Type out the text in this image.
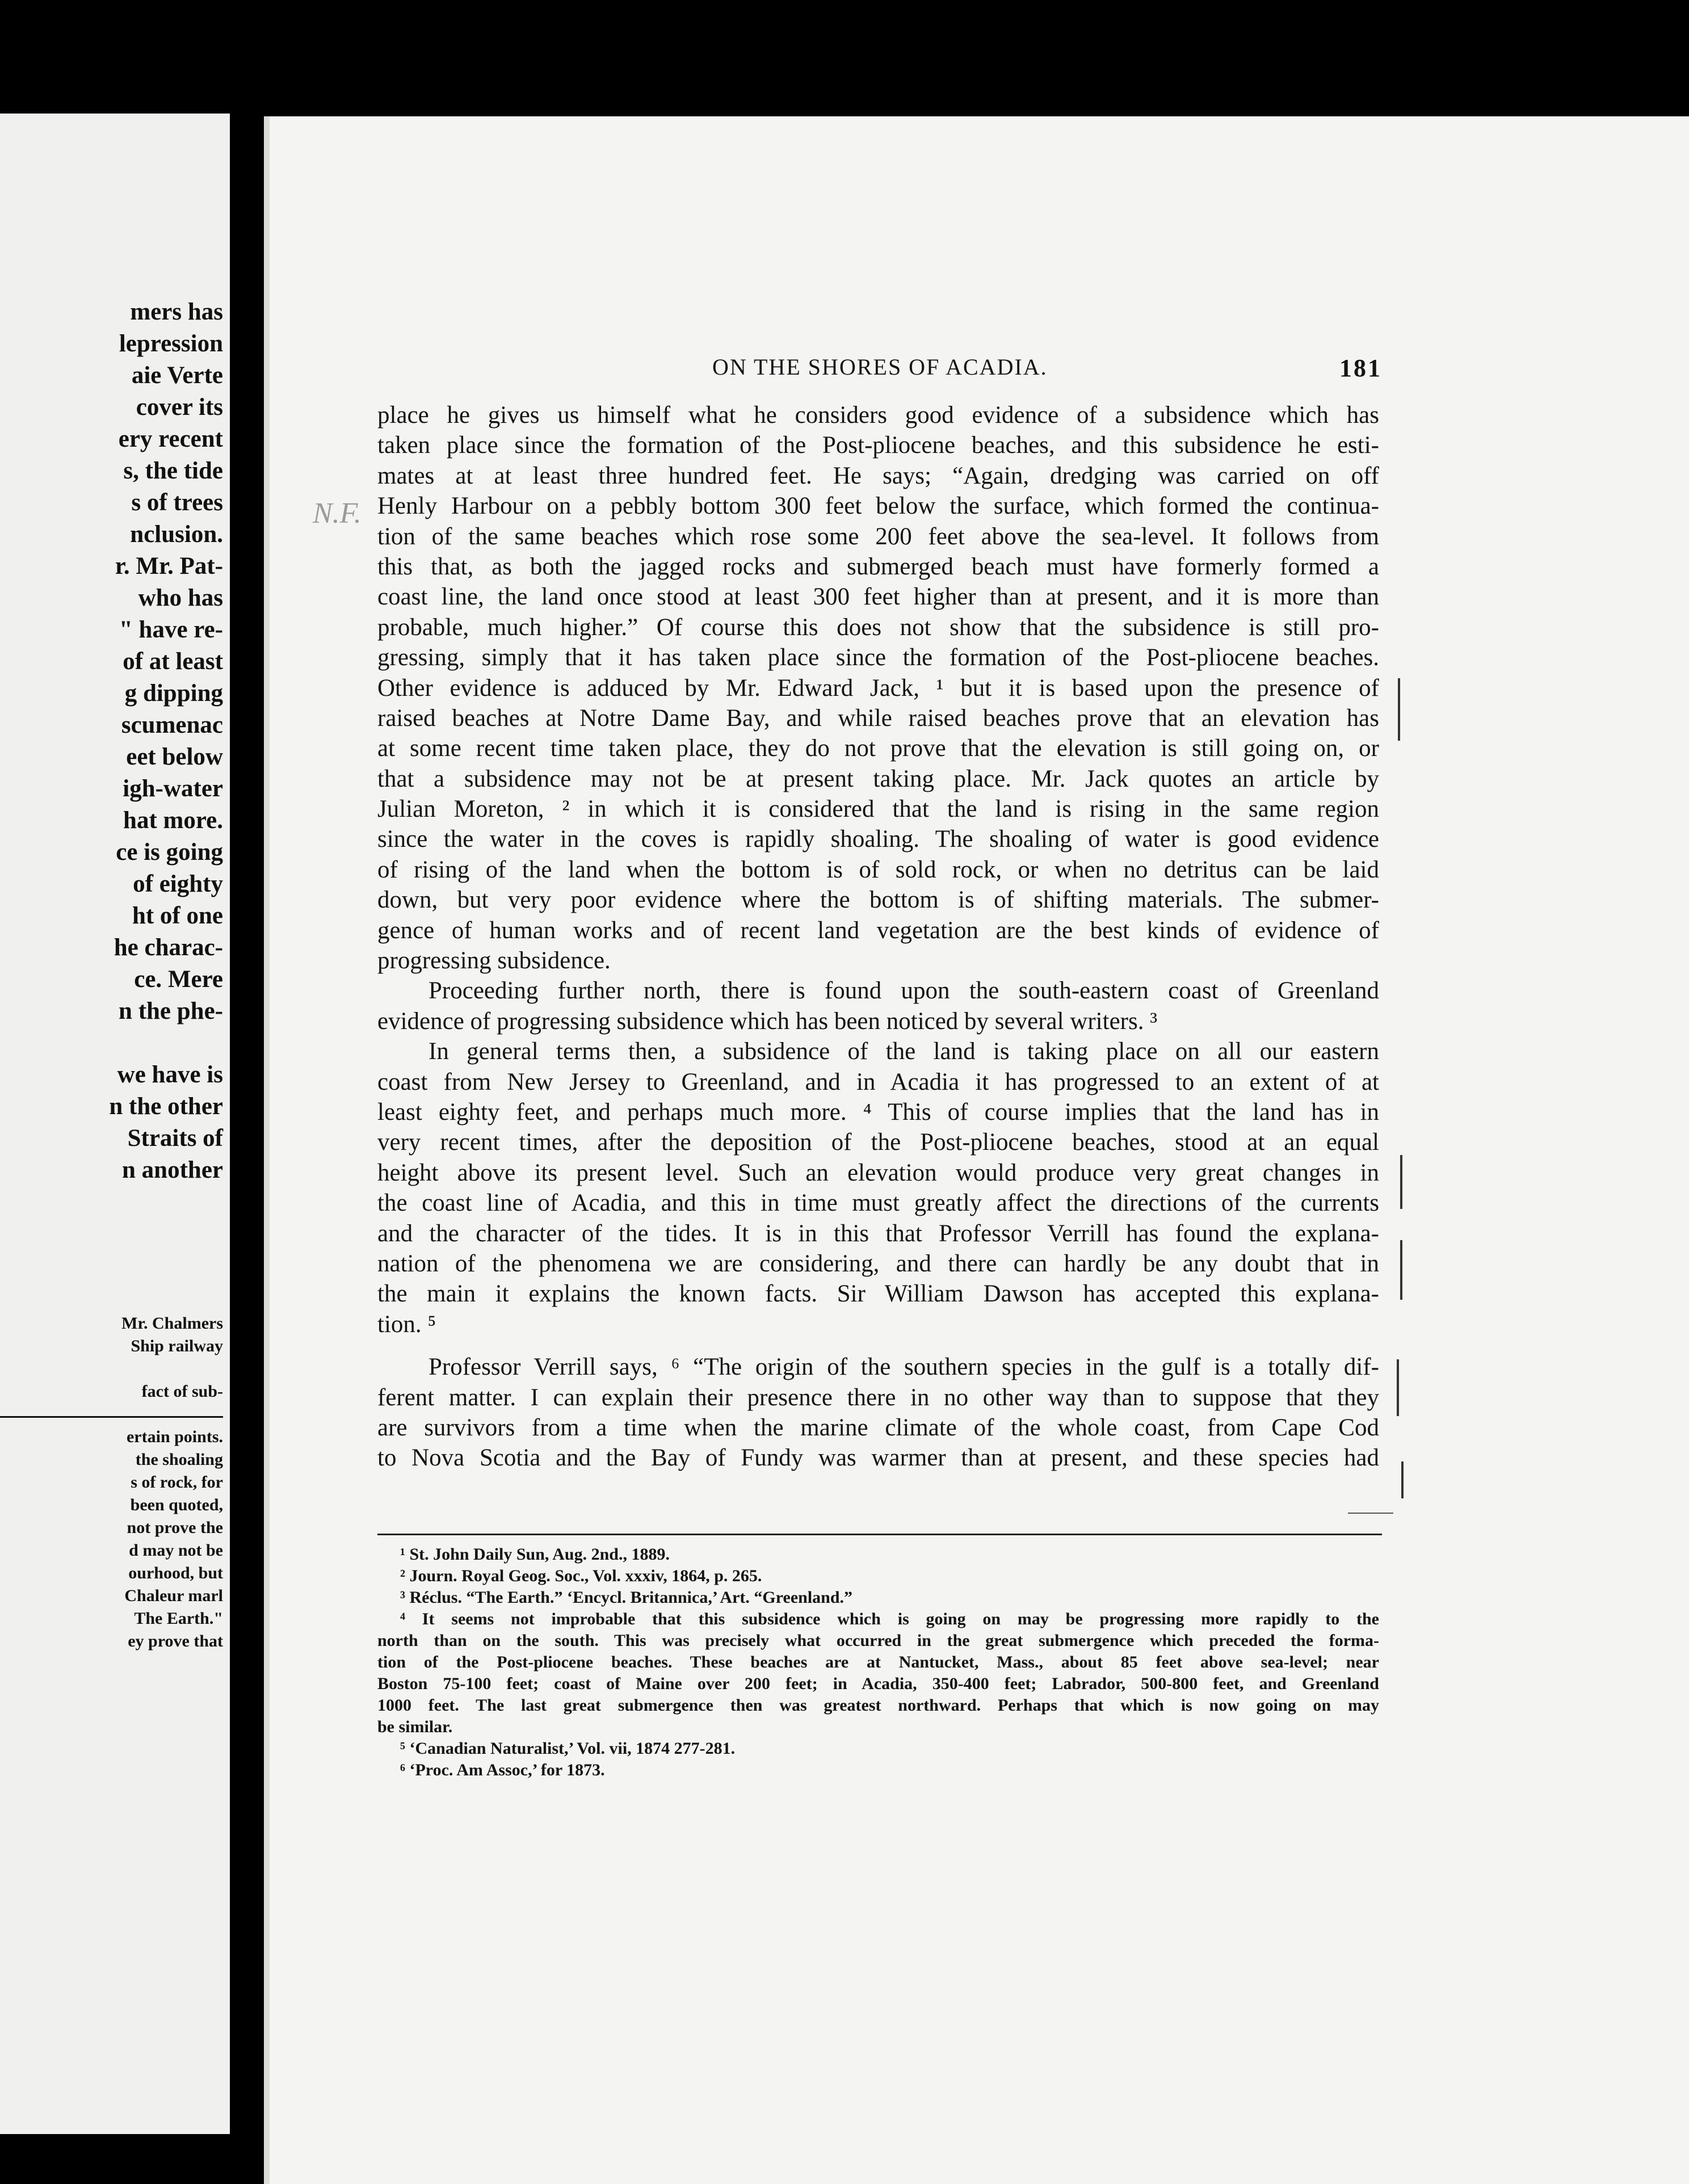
mers has
lepression
aie Verte
cover its
ery recent
s, the tide
s of trees
nclusion.
r. Mr. Pat-
who has
" have re-
of at least
g dipping
scumenac
eet below
igh-water
hat more.
ce is going
of eighty
ht of one
he charac-
ce. Mere
n the phe-
we have is
n the other
Straits of
n another
Mr. Chalmers
Ship railway
fact of sub-
ertain points.
the shoaling
s of rock, for
been quoted,
not prove the
d may not be
ourhood, but
Chaleur marl
The Earth."
ey prove that
N.F.
ON THE SHORES OF ACADIA.	181
place he gives us himself what he considers good evidence of a subsidence which has
taken place since the formation of the Post-pliocene beaches, and this subsidence he esti-
mates at at least three hundred feet. He says; “Again, dredging was carried on off
Henly Harbour on a pebbly bottom 300 feet below the surface, which formed the continua-
tion of the same beaches which rose some 200 feet above the sea-level. It follows from
this that, as both the jagged rocks and submerged beach must have formerly formed a
coast line, the land once stood at least 300 feet higher than at present, and it is more than
probable, much higher.” Of course this does not show that the subsidence is still pro-
gressing, simply that it has taken place since the formation of the Post-pliocene beaches.
Other evidence is adduced by Mr. Edward Jack, ¹ but it is based upon the presence of
raised beaches at Notre Dame Bay, and while raised beaches prove that an elevation has
at some recent time taken place, they do not prove that the elevation is still going on, or
that a subsidence may not be at present taking place. Mr. Jack quotes an article by
Julian Moreton, ² in which it is considered that the land is rising in the same region
since the water in the coves is rapidly shoaling. The shoaling of water is good evidence
of rising of the land when the bottom is of sold rock, or when no detritus can be laid
down, but very poor evidence where the bottom is of shifting materials. The submer-
gence of human works and of recent land vegetation are the best kinds of evidence of
progressing subsidence.
Proceeding further north, there is found upon the south-eastern coast of Greenland
evidence of progressing subsidence which has been noticed by several writers. ³
In general terms then, a subsidence of the land is taking place on all our eastern
coast from New Jersey to Greenland, and in Acadia it has progressed to an extent of at
least eighty feet, and perhaps much more. ⁴ This of course implies that the land has in
very recent times, after the deposition of the Post-pliocene beaches, stood at an equal
height above its present level. Such an elevation would produce very great changes in
the coast line of Acadia, and this in time must greatly affect the directions of the currents
and the character of the tides. It is in this that Professor Verrill has found the explana-
nation of the phenomena we are considering, and there can hardly be any doubt that in
the main it explains the known facts. Sir William Dawson has accepted this explana-
tion. ⁵
Professor Verrill says, ⁶ “The origin of the southern species in the gulf is a totally dif-
ferent matter. I can explain their presence there in no other way than to suppose that they
are survivors from a time when the marine climate of the whole coast, from Cape Cod
to Nova Scotia and the Bay of Fundy was warmer than at present, and these species had
¹ St. John Daily Sun, Aug. 2nd., 1889.
² Journ. Royal Geog. Soc., Vol. xxxiv, 1864, p. 265.
³ Réclus. “The Earth.” ‘Encycl. Britannica,’ Art. “Greenland.”
⁴ It seems not improbable that this subsidence which is going on may be progressing more rapidly to the
north than on the south. This was precisely what occurred in the great submergence which preceded the forma-
tion of the Post-pliocene beaches. These beaches are at Nantucket, Mass., about 85 feet above sea-level; near
Boston 75-100 feet; coast of Maine over 200 feet; in Acadia, 350-400 feet; Labrador, 500-800 feet, and Greenland
1000 feet. The last great submergence then was greatest northward. Perhaps that which is now going on may
be similar.
⁵ ‘Canadian Naturalist,’ Vol. vii, 1874 277-281.
⁶ ‘Proc. Am Assoc,’ for 1873.
